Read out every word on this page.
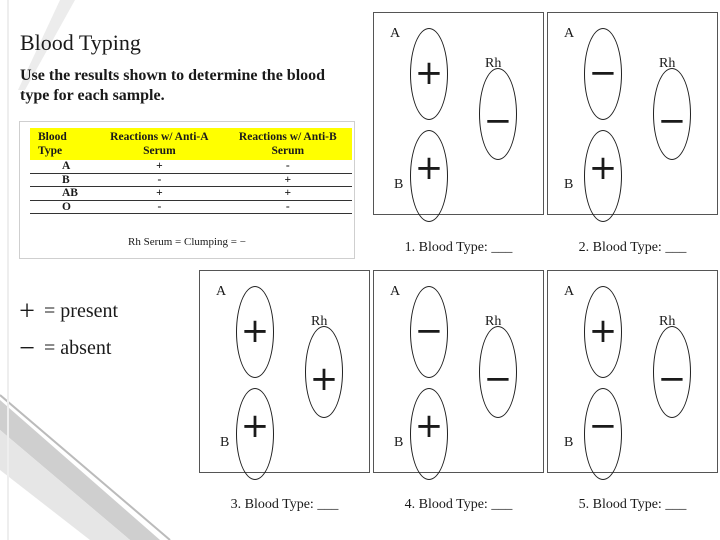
Blood Typing
Use the results shown to determine the blood type for each sample.
Blood Type	Reactions w/ Anti-A Serum	Reactions w/ Anti-B Serum
A	+	-
B	-	+
AB	+	+
O	-	-
Rh Serum = Clumping = −
+ = present
− = absent
A
B
Rh
+
+
−
1. Blood Type: ___
A
B
Rh
−
+
−
2. Blood Type: ___
A
B
Rh
+
+
+
3. Blood Type: ___
A
B
Rh
−
+
−
4. Blood Type: ___
A
B
Rh
+
−
−
5. Blood Type: ___
